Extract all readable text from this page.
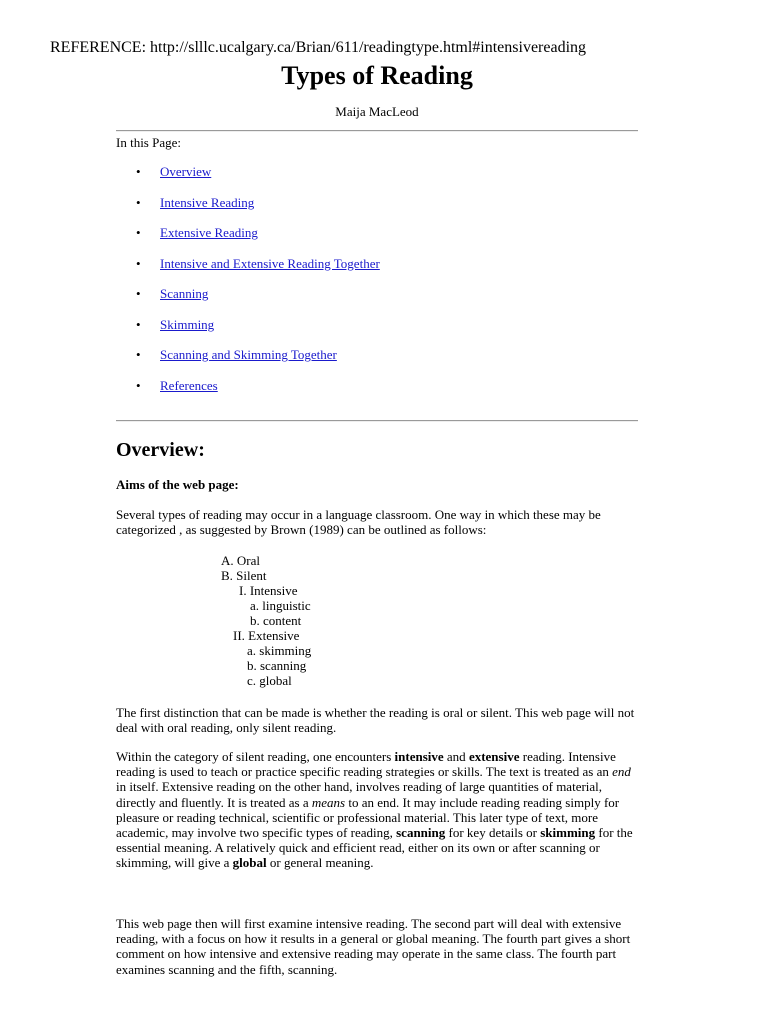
REFERENCE: http://slllc.ucalgary.ca/Brian/611/readingtype.html#intensivereading
Types of Reading
Maija MacLeod
In this Page:
• Overview
• Intensive Reading
• Extensive Reading
• Intensive and Extensive Reading Together
• Scanning
• Skimming
• Scanning and Skimming Together
• References
Overview:
Aims of the web page:

Several types of reading may occur in a language classroom. One way in which these may be categorized , as suggested by Brown (1989) can be outlined as follows:

A. Oral
B. Silent
I. Intensive
a. linguistic
b. content
II. Extensive
a. skimming
b. scanning
c. global

The first distinction that can be made is whether the reading is oral or silent. This web page will not deal with oral reading, only silent reading.

Within the category of silent reading, one encounters intensive and extensive reading. Intensive reading is used to teach or practice specific reading strategies or skills. The text is treated as an end in itself. Extensive reading on the other hand, involves reading of large quantities of material, directly and fluently. It is treated as a means to an end. It may include reading reading simply for pleasure or reading technical, scientific or professional material. This later type of text, more academic, may involve two specific types of reading, scanning for key details or skimming for the essential meaning. A relatively quick and efficient read, either on its own or after scanning or skimming, will give a global or general meaning.

This web page then will first examine intensive reading. The second part will deal with extensive reading, with a focus on how it results in a general or global meaning. The fourth part gives a short comment on how intensive and extensive reading may operate in the same class. The fourth part examines scanning and the fifth, scanning.
